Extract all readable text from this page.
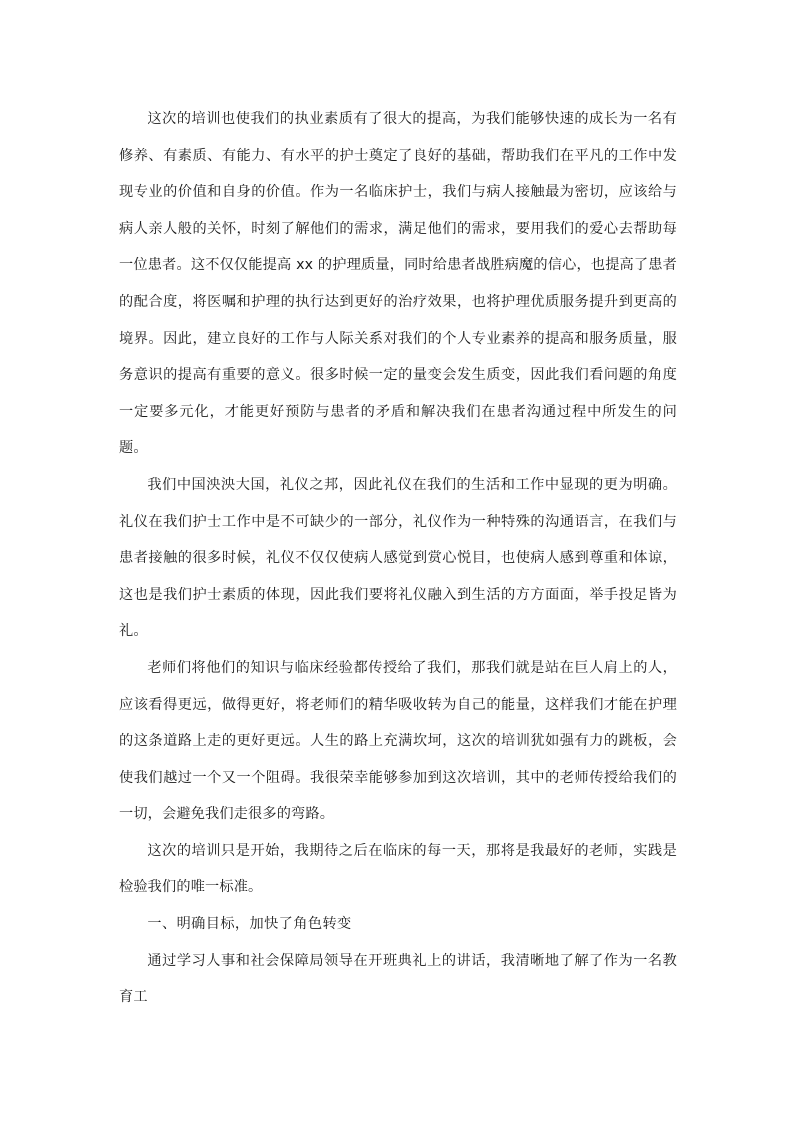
这次的培训也使我们的执业素质有了很大的提高，为我们能够快速的成长为一名有修养、有素质、有能力、有水平的护士奠定了良好的基础，帮助我们在平凡的工作中发现专业的价值和自身的价值。作为一名临床护士，我们与病人接触最为密切，应该给与病人亲人般的关怀，时刻了解他们的需求，满足他们的需求，要用我们的爱心去帮助每一位患者。这不仅仅能提高 xx 的护理质量，同时给患者战胜病魔的信心，也提高了患者的配合度，将医嘱和护理的执行达到更好的治疗效果，也将护理优质服务提升到更高的境界。因此，建立良好的工作与人际关系对我们的个人专业素养的提高和服务质量，服务意识的提高有重要的意义。很多时候一定的量变会发生质变，因此我们看问题的角度一定要多元化，才能更好预防与患者的矛盾和解决我们在患者沟通过程中所发生的问题。

我们中国泱泱大国，礼仪之邦，因此礼仪在我们的生活和工作中显现的更为明确。礼仪在我们护士工作中是不可缺少的一部分，礼仪作为一种特殊的沟通语言，在我们与患者接触的很多时候，礼仪不仅仅使病人感觉到赏心悦目，也使病人感到尊重和体谅，这也是我们护士素质的体现，因此我们要将礼仪融入到生活的方方面面，举手投足皆为礼。

老师们将他们的知识与临床经验都传授给了我们，那我们就是站在巨人肩上的人，应该看得更远，做得更好，将老师们的精华吸收转为自己的能量，这样我们才能在护理的这条道路上走的更好更远。人生的路上充满坎坷，这次的培训犹如强有力的跳板，会使我们越过一个又一个阻碍。我很荣幸能够参加到这次培训，其中的老师传授给我们的一切，会避免我们走很多的弯路。

这次的培训只是开始，我期待之后在临床的每一天，那将是我最好的老师，实践是检验我们的唯一标准。

一、明确目标，加快了角色转变

通过学习人事和社会保障局领导在开班典礼上的讲话，我清晰地了解了作为一名教育工
